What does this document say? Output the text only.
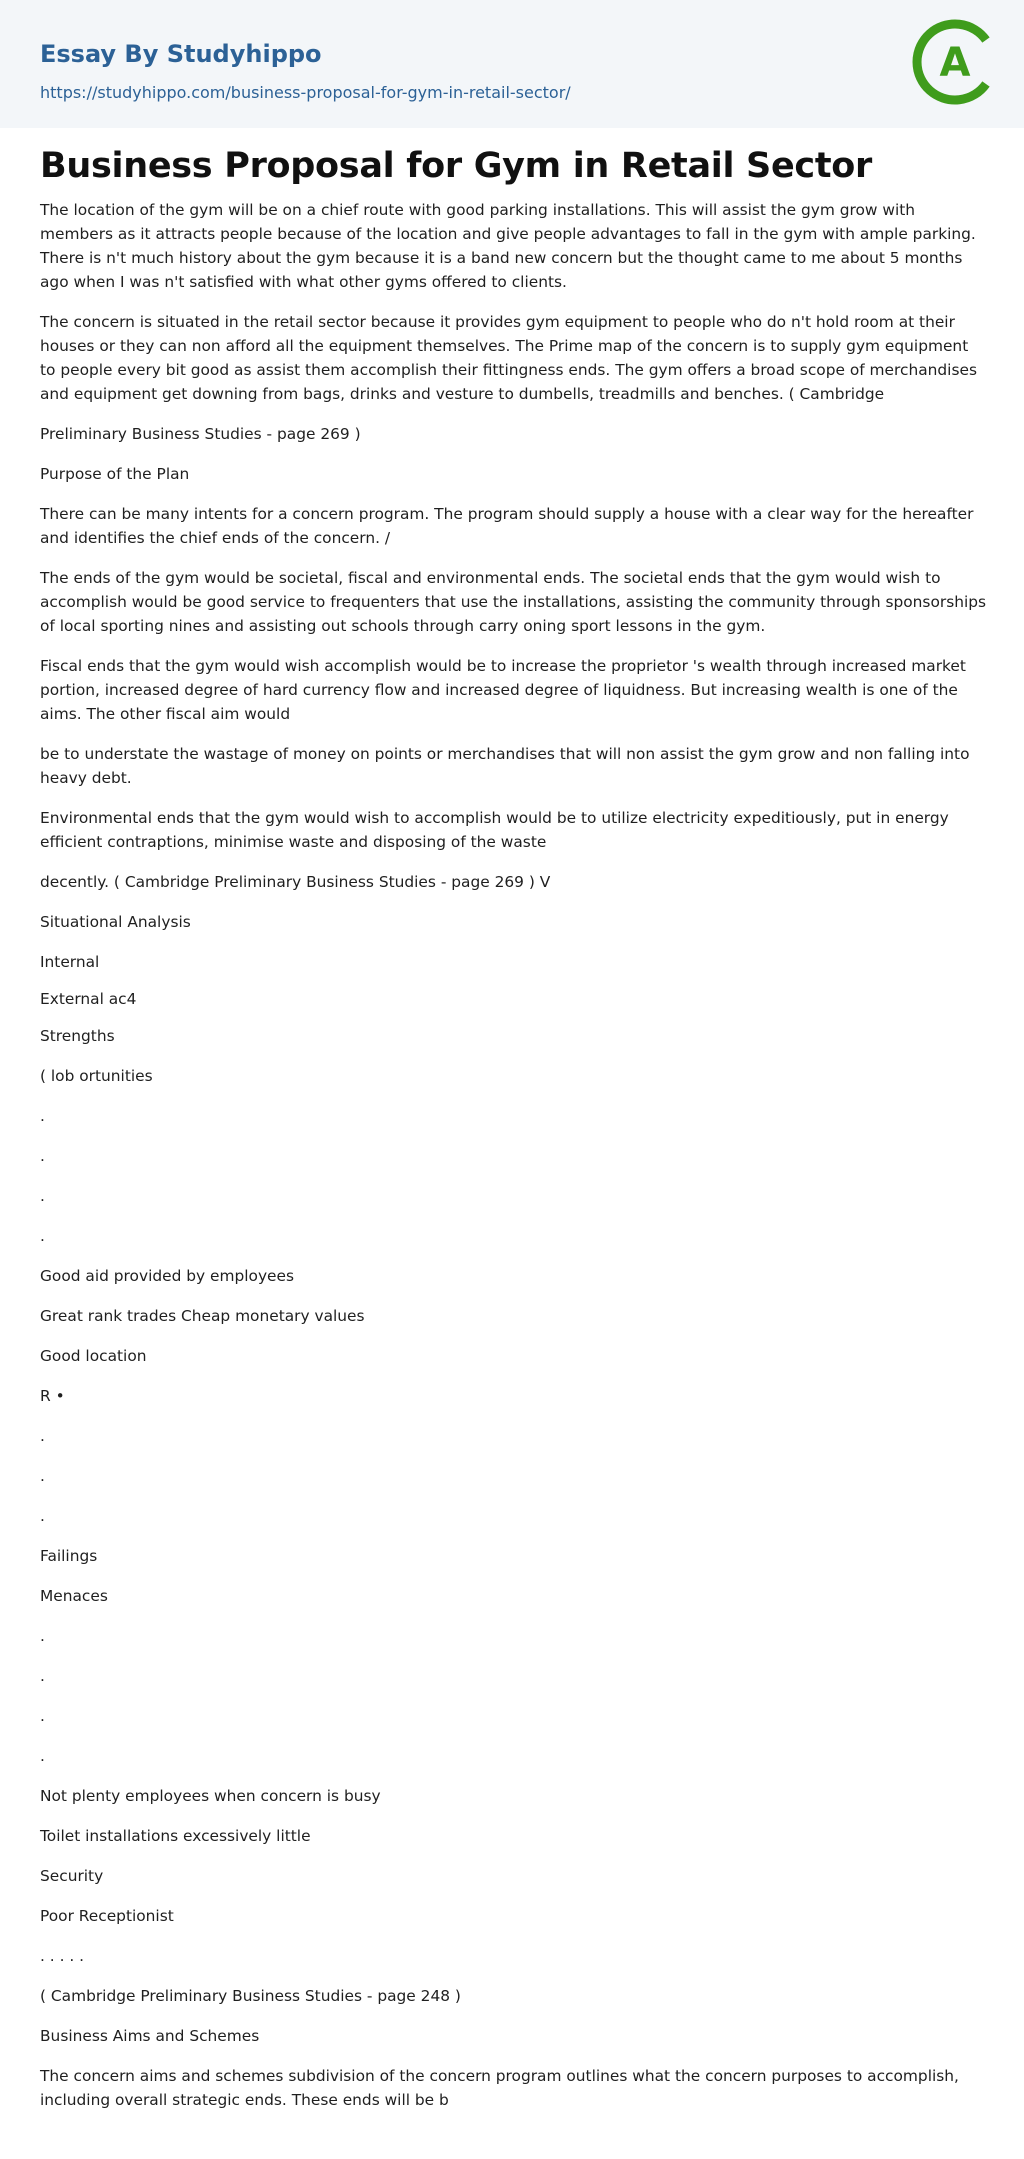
Essay By Studyhippo
https://studyhippo.com/business-proposal-for-gym-in-retail-sector/
A
Business Proposal for Gym in Retail Sector

The location of the gym will be on a chief route with good parking installations. This will assist the gym grow with members as it attracts people because of the location and give people advantages to fall in the gym with ample parking. There is n't much history about the gym because it is a band new concern but the thought came to me about 5 months ago when I was n't satisfied with what other gyms offered to clients.

The concern is situated in the retail sector because it provides gym equipment to people who do n't hold room at their houses or they can non afford all the equipment themselves. The Prime map of the concern is to supply gym equipment to people every bit good as assist them accomplish their fittingness ends. The gym offers a broad scope of merchandises and equipment get downing from bags, drinks and vesture to dumbells, treadmills and benches. ( Cambridge

Preliminary Business Studies - page 269 )

Purpose of the Plan

There can be many intents for a concern program. The program should supply a house with a clear way for the hereafter and identifies the chief ends of the concern. /

The ends of the gym would be societal, fiscal and environmental ends. The societal ends that the gym would wish to accomplish would be good service to frequenters that use the installations, assisting the community through sponsorships of local sporting nines and assisting out schools through carry oning sport lessons in the gym.

Fiscal ends that the gym would wish accomplish would be to increase the proprietor 's wealth through increased market portion, increased degree of hard currency flow and increased degree of liquidness. But increasing wealth is one of the aims. The other fiscal aim would

be to understate the wastage of money on points or merchandises that will non assist the gym grow and non falling into heavy debt.

Environmental ends that the gym would wish to accomplish would be to utilize electricity expeditiously, put in energy efficient contraptions, minimise waste and disposing of the waste

decently. ( Cambridge Preliminary Business Studies - page 269 ) V

Situational Analysis

Internal

External ac4

Strengths

( lob ortunities

.

.

.

.

Good aid provided by employees

Great rank trades Cheap monetary values

Good location

R •

.

.

.

Failings

Menaces

.

.

.

.

Not plenty employees when concern is busy

Toilet installations excessively little

Security

Poor Receptionist

. . . . .

( Cambridge Preliminary Business Studies - page 248 )

Business Aims and Schemes

The concern aims and schemes subdivision of the concern program outlines what the concern purposes to accomplish, including overall strategic ends. These ends will be b
